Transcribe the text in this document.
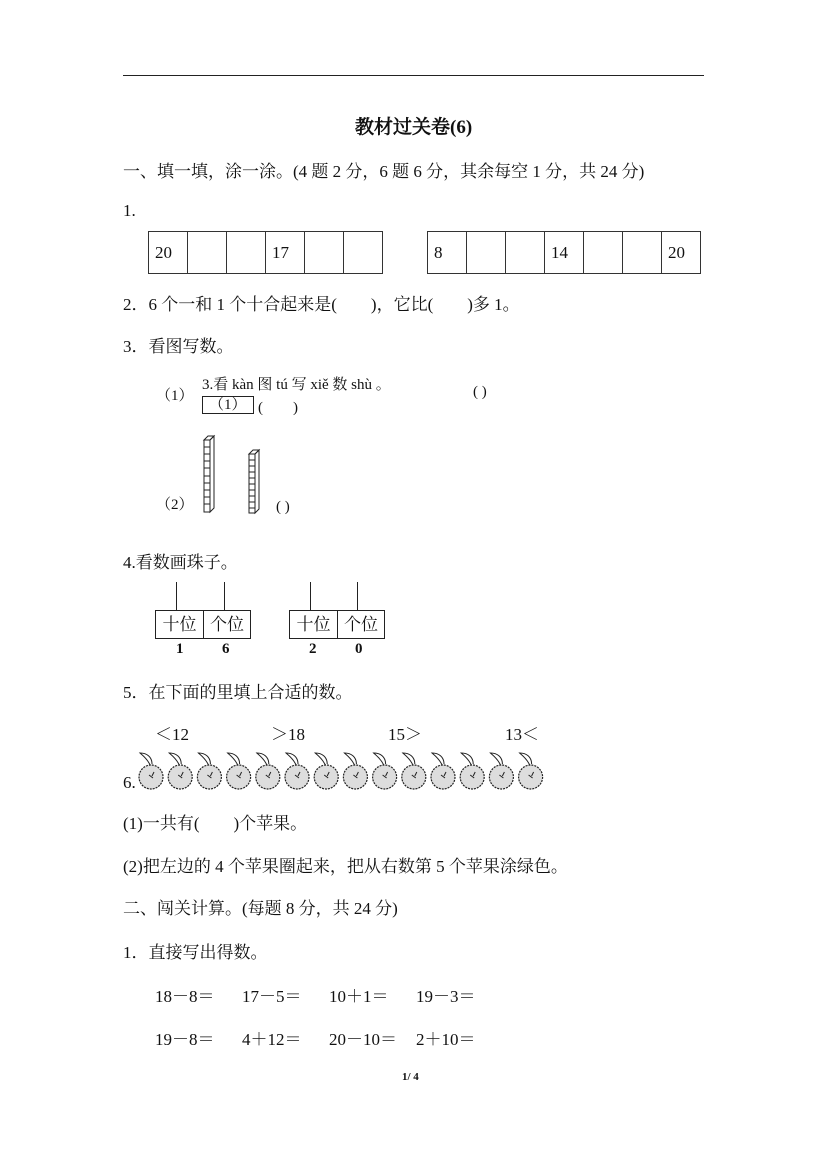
教材过关卷(6)
一、填一填，涂一涂。(4 题 2 分，6 题 6 分，其余每空 1 分，共 24 分)
1.
20			17			8			14			20
2．6 个一和 1 个十合起来是(　　)，它比(　　)多 1。
3．看图写数。
（1）
3.看 kàn 图 tú 写 xiě 数 shù 。
（1） (　　)
( )
（2）	( )
4.看数画珠子。
十位 个位
1	6
十位 个位
2	0
5．在下面的里填上合适的数。
＜12	＞18	15＞	13＜
6.
(1)一共有(　　)个苹果。
(2)把左边的 4 个苹果圈起来，把从右数第 5 个苹果涂绿色。
二、闯关计算。(每题 8 分，共 24 分)
1．直接写出得数。
18－8＝ 17－5＝ 10＋1＝ 19－3＝
19－8＝ 4＋12＝ 20－10＝ 2＋10＝
1/ 4
